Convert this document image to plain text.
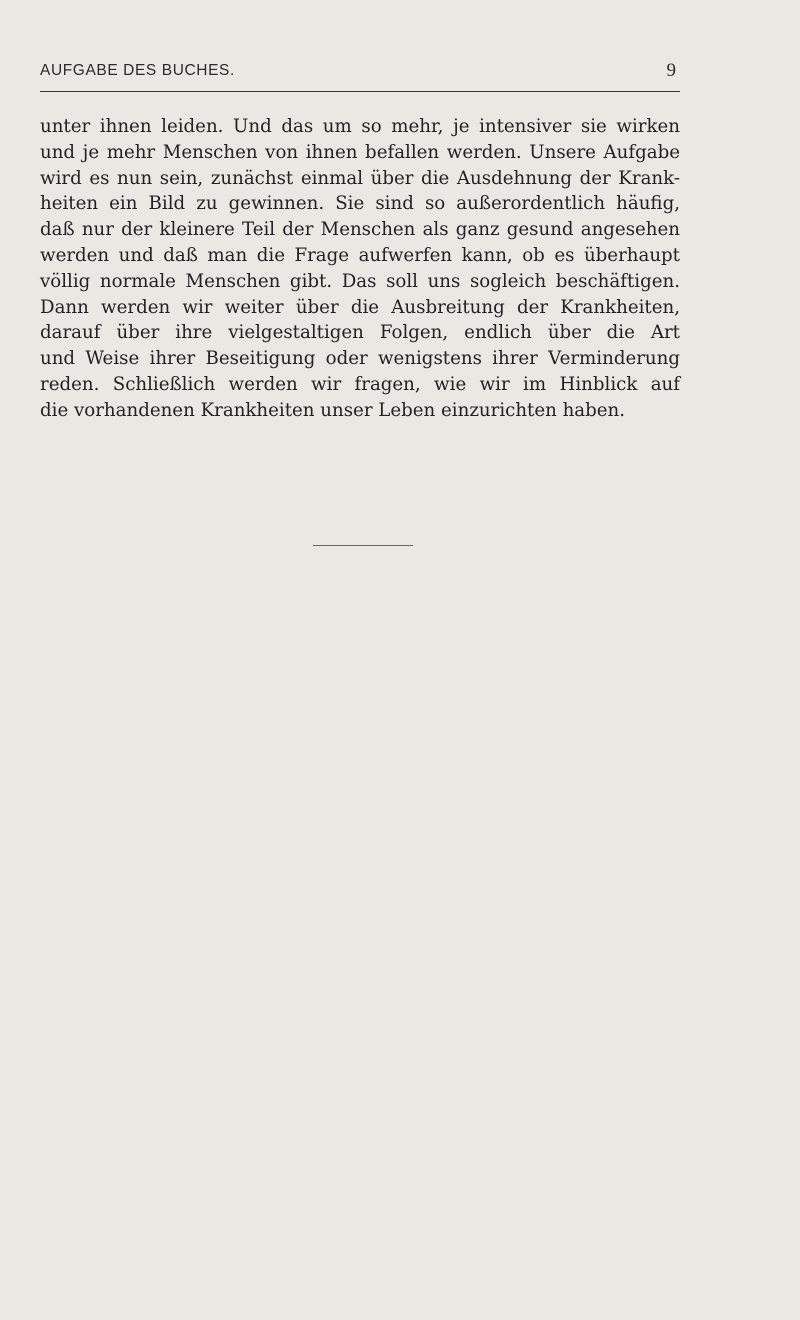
AUFGABE DES BUCHES.	9
unter ihnen leiden. Und das um so mehr, je intensiver sie wirken
und je mehr Menschen von ihnen befallen werden. Unsere Aufgabe
wird es nun sein, zunächst einmal über die Ausdehnung der Krank-
heiten ein Bild zu gewinnen. Sie sind so außerordentlich häufig,
daß nur der kleinere Teil der Menschen als ganz gesund angesehen
werden und daß man die Frage aufwerfen kann, ob es überhaupt
völlig normale Menschen gibt. Das soll uns sogleich beschäftigen.
Dann werden wir weiter über die Ausbreitung der Krankheiten,
darauf über ihre vielgestaltigen Folgen, endlich über die Art
und Weise ihrer Beseitigung oder wenigstens ihrer Verminderung
reden. Schließlich werden wir fragen, wie wir im Hinblick auf
die vorhandenen Krankheiten unser Leben einzurichten haben.
